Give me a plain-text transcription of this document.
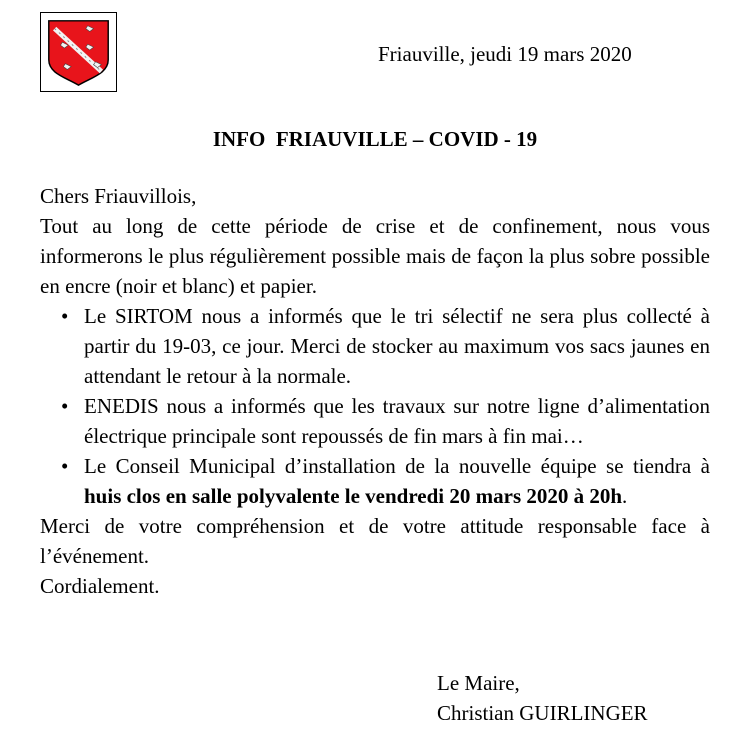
Friauville, jeudi 19 mars 2020
INFO  FRIAUVILLE – COVID - 19

Chers Friauvillois,

Tout au long de cette période de crise et de confinement, nous vous informerons le plus régulièrement possible mais de façon la plus sobre possible en encre (noir et blanc) et papier.

• Le SIRTOM nous a informés que le tri sélectif ne sera plus collecté à partir du 19-03, ce jour. Merci de stocker au maximum vos sacs jaunes en attendant le retour à la normale.

• ENEDIS nous a informés que les travaux sur notre ligne d’alimentation électrique principale sont repoussés de fin mars à fin mai…

• Le Conseil Municipal d’installation de la nouvelle équipe se tiendra à huis clos en salle polyvalente le vendredi 20 mars 2020 à 20h.

Merci de votre compréhension et de votre attitude responsable face à l’événement.

Cordialement.

Le Maire,
Christian GUIRLINGER
